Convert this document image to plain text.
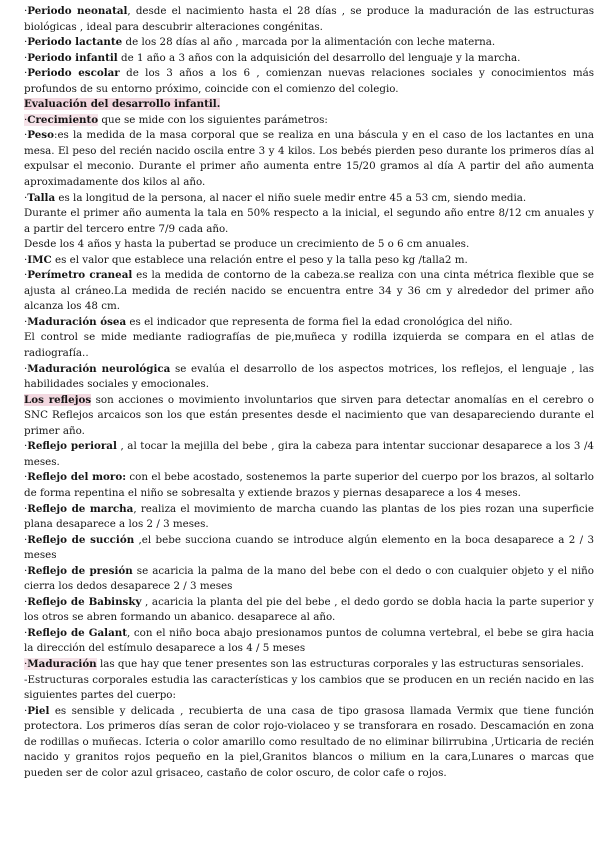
·Periodo neonatal, desde el nacimiento hasta el 28 días , se produce la maduración de las estructuras biológicas , ideal para descubrir alteraciones congénitas.

·Periodo lactante de los 28 días al año , marcada por la alimentación con leche materna.

·Periodo infantil de 1 año a 3 años con la adquisición del desarrollo del lenguaje y la marcha.

·Periodo escolar de los 3 años a los 6 , comienzan nuevas relaciones sociales y conocimientos más profundos de su entorno próximo, coincide con el comienzo del colegio.

Evaluación del desarrollo infantil.

·Crecimiento que se mide con los siguientes parámetros:

·Peso:es la medida de la masa corporal que se realiza en una báscula y en el caso de los lactantes en una mesa. El peso del recién nacido oscila entre 3 y 4 kilos. Los bebés pierden peso durante los primeros días al expulsar el meconio. Durante el primer año aumenta entre 15/20 gramos al día A partir del año aumenta aproximadamente dos kilos al año.

·Talla es la longitud de la persona, al nacer el niño suele medir entre 45 a 53 cm, siendo media.

Durante el primer año aumenta la tala en 50% respecto a la inicial, el segundo año entre 8/12 cm anuales y a partir del tercero entre 7/9 cada año.

Desde los 4 años y hasta la pubertad se produce un crecimiento de 5 o 6 cm anuales.

·IMC es el valor que establece una relación entre el peso y la talla peso kg /talla2 m.

·Perímetro craneal es la medida de contorno de la cabeza.se realiza con una cinta métrica flexible que se ajusta al cráneo.La medida de recién nacido se encuentra entre 34 y 36 cm y alrededor del primer año alcanza los 48 cm.

·Maduración ósea es el indicador que representa de forma fiel la edad cronológica del niño.

El control se mide mediante radiografías de pie,muñeca y rodilla izquierda se compara en el atlas de radiografía..

·Maduración neurológica se evalúa el desarrollo de los aspectos motrices, los reflejos, el lenguaje , las habilidades sociales y emocionales.

Los reflejos son acciones o movimiento involuntarios que sirven para detectar anomalías en el cerebro o SNC Reflejos arcaicos son los que están presentes desde el nacimiento que van desapareciendo durante el primer año.

·Reflejo perioral , al tocar la mejilla del bebe , gira la cabeza para intentar succionar desaparece a los 3 /4 meses.

·Reflejo del moro: con el bebe acostado, sostenemos la parte superior del cuerpo por los brazos, al soltarlo de forma repentina el niño se sobresalta y extiende brazos y piernas desaparece a los 4 meses.

·Reflejo de marcha, realiza el movimiento de marcha cuando las plantas de los pies rozan una superficie plana desaparece a los 2 / 3 meses.

·Reflejo de succión ,el bebe succiona cuando se introduce algún elemento en la boca desaparece a 2 / 3 meses

·Reflejo de presión se acaricia la palma de la mano del bebe con el dedo o con cualquier objeto y el niño cierra los dedos desaparece 2 / 3 meses

·Reflejo de Babinsky , acaricia la planta del pie del bebe , el dedo gordo se dobla hacia la parte superior y los otros se abren formando un abanico. desaparece al año.

·Reflejo de Galant, con el niño boca abajo presionamos puntos de columna vertebral, el bebe se gira hacia la dirección del estímulo desaparece a los 4 / 5 meses

·Maduración las que hay que tener presentes son las estructuras corporales y las estructuras sensoriales.

-Estructuras corporales estudia las características y los cambios que se producen en un recién nacido en las siguientes partes del cuerpo:

·Piel es sensible y delicada , recubierta de una casa de tipo grasosa llamada Vermix que tiene función protectora. Los primeros días seran de color rojo-violaceo y se transforara en rosado. Descamación en zona de rodillas o muñecas. Icteria o color amarillo como resultado de no eliminar bilirrubina ,Urticaria de recién nacido y granitos rojos pequeño en la piel,Granitos blancos o milium en la cara,Lunares o marcas que pueden ser de color azul grisaceo, castaño de color oscuro, de color cafe o rojos.
